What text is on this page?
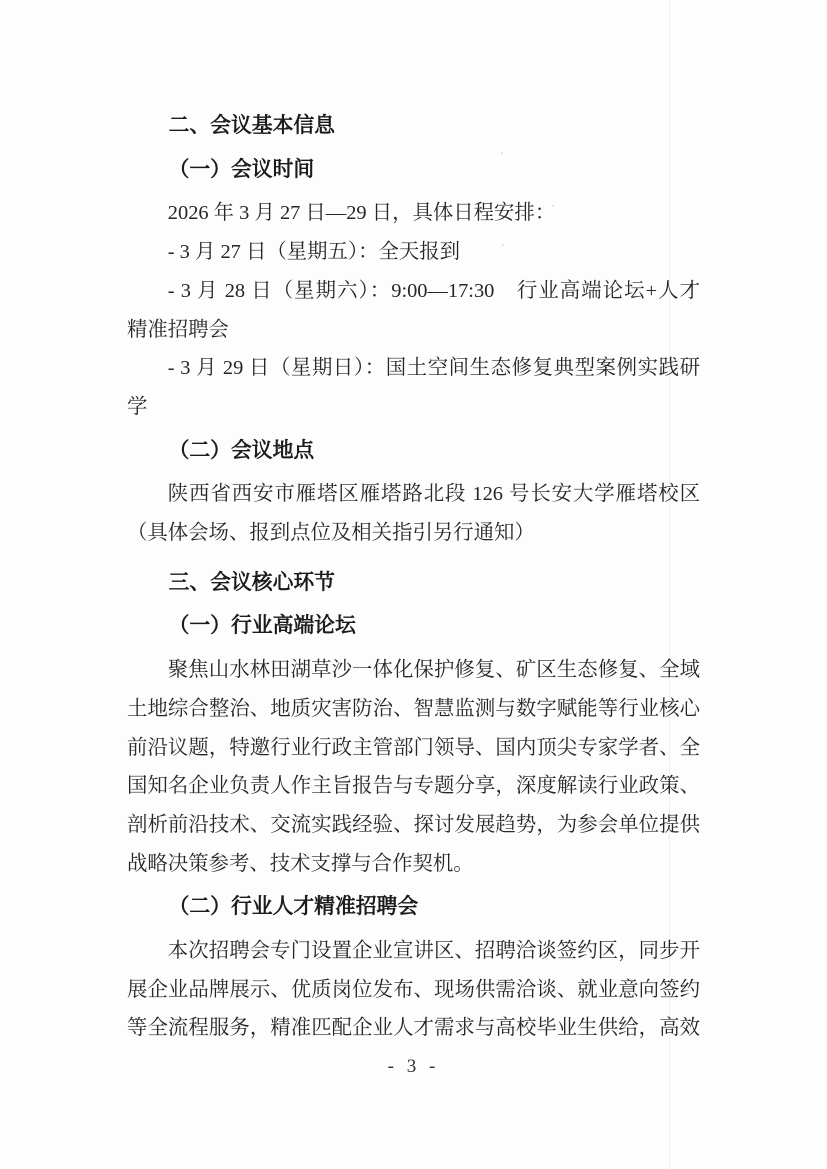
二、会议基本信息
（一）会议时间
2026 年 3 月 27 日—29 日，具体日程安排：
- 3 月 27 日（星期五）：全天报到
- 3 月 28 日（星期六）：9:00—17:30　行业高端论坛+人才
精准招聘会
- 3 月 29 日（星期日）：国土空间生态修复典型案例实践研
学
（二）会议地点
陕西省西安市雁塔区雁塔路北段 126 号长安大学雁塔校区
（具体会场、报到点位及相关指引另行通知）
三、会议核心环节
（一）行业高端论坛
聚焦山水林田湖草沙一体化保护修复、矿区生态修复、全域
土地综合整治、地质灾害防治、智慧监测与数字赋能等行业核心
前沿议题，特邀行业行政主管部门领导、国内顶尖专家学者、全
国知名企业负责人作主旨报告与专题分享，深度解读行业政策、
剖析前沿技术、交流实践经验、探讨发展趋势，为参会单位提供
战略决策参考、技术支撑与合作契机。
（二）行业人才精准招聘会
本次招聘会专门设置企业宣讲区、招聘洽谈签约区，同步开
展企业品牌展示、优质岗位发布、现场供需洽谈、就业意向签约
等全流程服务，精准匹配企业人才需求与高校毕业生供给，高效
- 3 -
